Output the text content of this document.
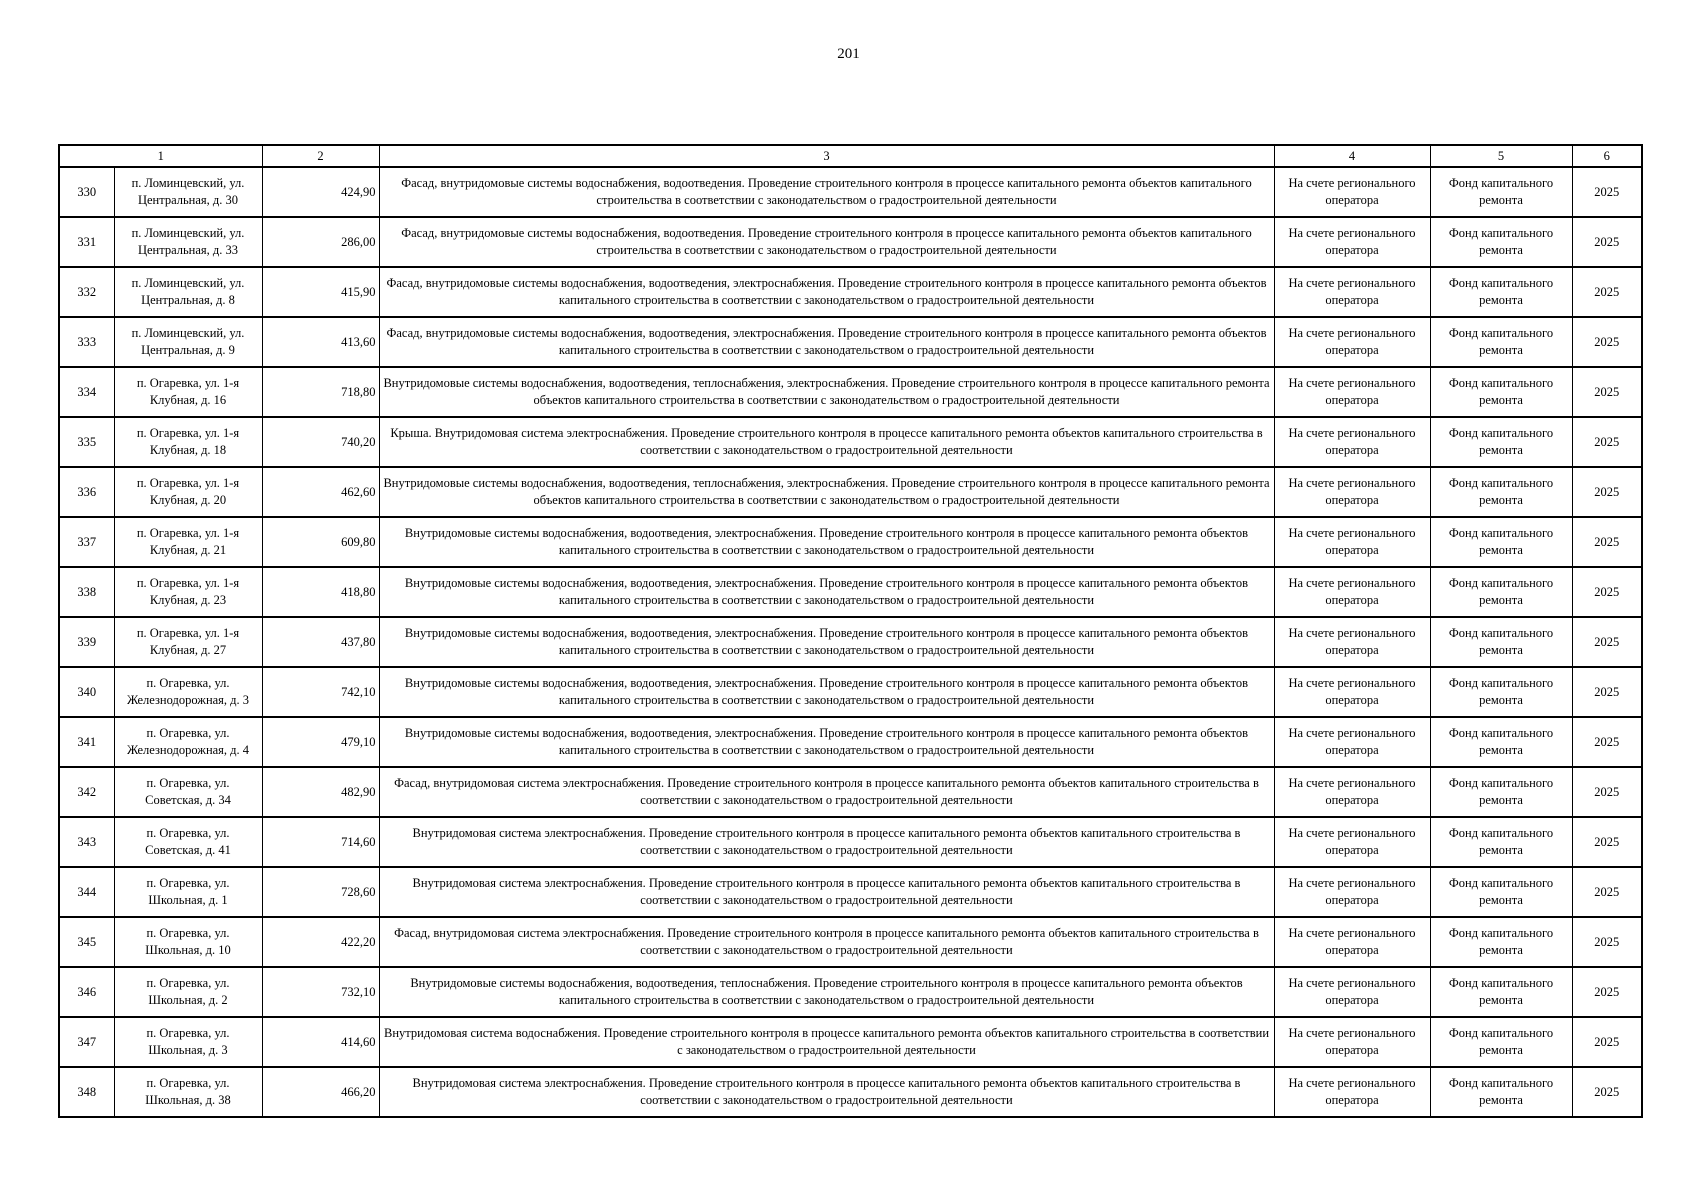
201
1		2	3	4	5	6
330	п. Ломинцевский, ул. Центральная, д. 30	424,90	Фасад, внутридомовые системы водоснабжения, водоотведения. Проведение строительного контроля в процессе капитального ремонта объектов капитального строительства в соответствии с законодательством о градостроительной деятельности	На счете регионального оператора	Фонд капитального ремонта	2025
331	п. Ломинцевский, ул. Центральная, д. 33	286,00	Фасад, внутридомовые системы водоснабжения, водоотведения. Проведение строительного контроля в процессе капитального ремонта объектов капитального строительства в соответствии с законодательством о градостроительной деятельности	На счете регионального оператора	Фонд капитального ремонта	2025
332	п. Ломинцевский, ул. Центральная, д. 8	415,90	Фасад, внутридомовые системы водоснабжения, водоотведения, электроснабжения. Проведение строительного контроля в процессе капитального ремонта объектов капитального строительства в соответствии с законодательством о градостроительной деятельности	На счете регионального оператора	Фонд капитального ремонта	2025
333	п. Ломинцевский, ул. Центральная, д. 9	413,60	Фасад, внутридомовые системы водоснабжения, водоотведения, электроснабжения. Проведение строительного контроля в процессе капитального ремонта объектов капитального строительства в соответствии с законодательством о градостроительной деятельности	На счете регионального оператора	Фонд капитального ремонта	2025
334	п. Огаревка, ул. 1-я Клубная, д. 16	718,80	Внутридомовые системы водоснабжения, водоотведения, теплоснабжения, электроснабжения. Проведение строительного контроля в процессе капитального ремонта объектов капитального строительства в соответствии с законодательством о градостроительной деятельности	На счете регионального оператора	Фонд капитального ремонта	2025
335	п. Огаревка, ул. 1-я Клубная, д. 18	740,20	Крыша. Внутридомовая система электроснабжения. Проведение строительного контроля в процессе капитального ремонта объектов капитального строительства в соответствии с законодательством о градостроительной деятельности	На счете регионального оператора	Фонд капитального ремонта	2025
336	п. Огаревка, ул. 1-я Клубная, д. 20	462,60	Внутридомовые системы водоснабжения, водоотведения, теплоснабжения, электроснабжения. Проведение строительного контроля в процессе капитального ремонта объектов капитального строительства в соответствии с законодательством о градостроительной деятельности	На счете регионального оператора	Фонд капитального ремонта	2025
337	п. Огаревка, ул. 1-я Клубная, д. 21	609,80	Внутридомовые системы водоснабжения, водоотведения, электроснабжения. Проведение строительного контроля в процессе капитального ремонта объектов капитального строительства в соответствии с законодательством о градостроительной деятельности	На счете регионального оператора	Фонд капитального ремонта	2025
338	п. Огаревка, ул. 1-я Клубная, д. 23	418,80	Внутридомовые системы водоснабжения, водоотведения, электроснабжения. Проведение строительного контроля в процессе капитального ремонта объектов капитального строительства в соответствии с законодательством о градостроительной деятельности	На счете регионального оператора	Фонд капитального ремонта	2025
339	п. Огаревка, ул. 1-я Клубная, д. 27	437,80	Внутридомовые системы водоснабжения, водоотведения, электроснабжения. Проведение строительного контроля в процессе капитального ремонта объектов капитального строительства в соответствии с законодательством о градостроительной деятельности	На счете регионального оператора	Фонд капитального ремонта	2025
340	п. Огаревка, ул. Железнодорожная, д. 3	742,10	Внутридомовые системы водоснабжения, водоотведения, электроснабжения. Проведение строительного контроля в процессе капитального ремонта объектов капитального строительства в соответствии с законодательством о градостроительной деятельности	На счете регионального оператора	Фонд капитального ремонта	2025
341	п. Огаревка, ул. Железнодорожная, д. 4	479,10	Внутридомовые системы водоснабжения, водоотведения, электроснабжения. Проведение строительного контроля в процессе капитального ремонта объектов капитального строительства в соответствии с законодательством о градостроительной деятельности	На счете регионального оператора	Фонд капитального ремонта	2025
342	п. Огаревка, ул. Советская, д. 34	482,90	Фасад, внутридомовая система электроснабжения. Проведение строительного контроля в процессе капитального ремонта объектов капитального строительства в соответствии с законодательством о градостроительной деятельности	На счете регионального оператора	Фонд капитального ремонта	2025
343	п. Огаревка, ул. Советская, д. 41	714,60	Внутридомовая система электроснабжения. Проведение строительного контроля в процессе капитального ремонта объектов капитального строительства в соответствии с законодательством о градостроительной деятельности	На счете регионального оператора	Фонд капитального ремонта	2025
344	п. Огаревка, ул. Школьная, д. 1	728,60	Внутридомовая система электроснабжения. Проведение строительного контроля в процессе капитального ремонта объектов капитального строительства в соответствии с законодательством о градостроительной деятельности	На счете регионального оператора	Фонд капитального ремонта	2025
345	п. Огаревка, ул. Школьная, д. 10	422,20	Фасад, внутридомовая система электроснабжения. Проведение строительного контроля в процессе капитального ремонта объектов капитального строительства в соответствии с законодательством о градостроительной деятельности	На счете регионального оператора	Фонд капитального ремонта	2025
346	п. Огаревка, ул. Школьная, д. 2	732,10	Внутридомовые системы водоснабжения, водоотведения, теплоснабжения. Проведение строительного контроля в процессе капитального ремонта объектов капитального строительства в соответствии с законодательством о градостроительной деятельности	На счете регионального оператора	Фонд капитального ремонта	2025
347	п. Огаревка, ул. Школьная, д. 3	414,60	Внутридомовая система водоснабжения. Проведение строительного контроля в процессе капитального ремонта объектов капитального строительства в соответствии с законодательством о градостроительной деятельности	На счете регионального оператора	Фонд капитального ремонта	2025
348	п. Огаревка, ул. Школьная, д. 38	466,20	Внутридомовая система электроснабжения. Проведение строительного контроля в процессе капитального ремонта объектов капитального строительства в соответствии с законодательством о градостроительной деятельности	На счете регионального оператора	Фонд капитального ремонта	2025
